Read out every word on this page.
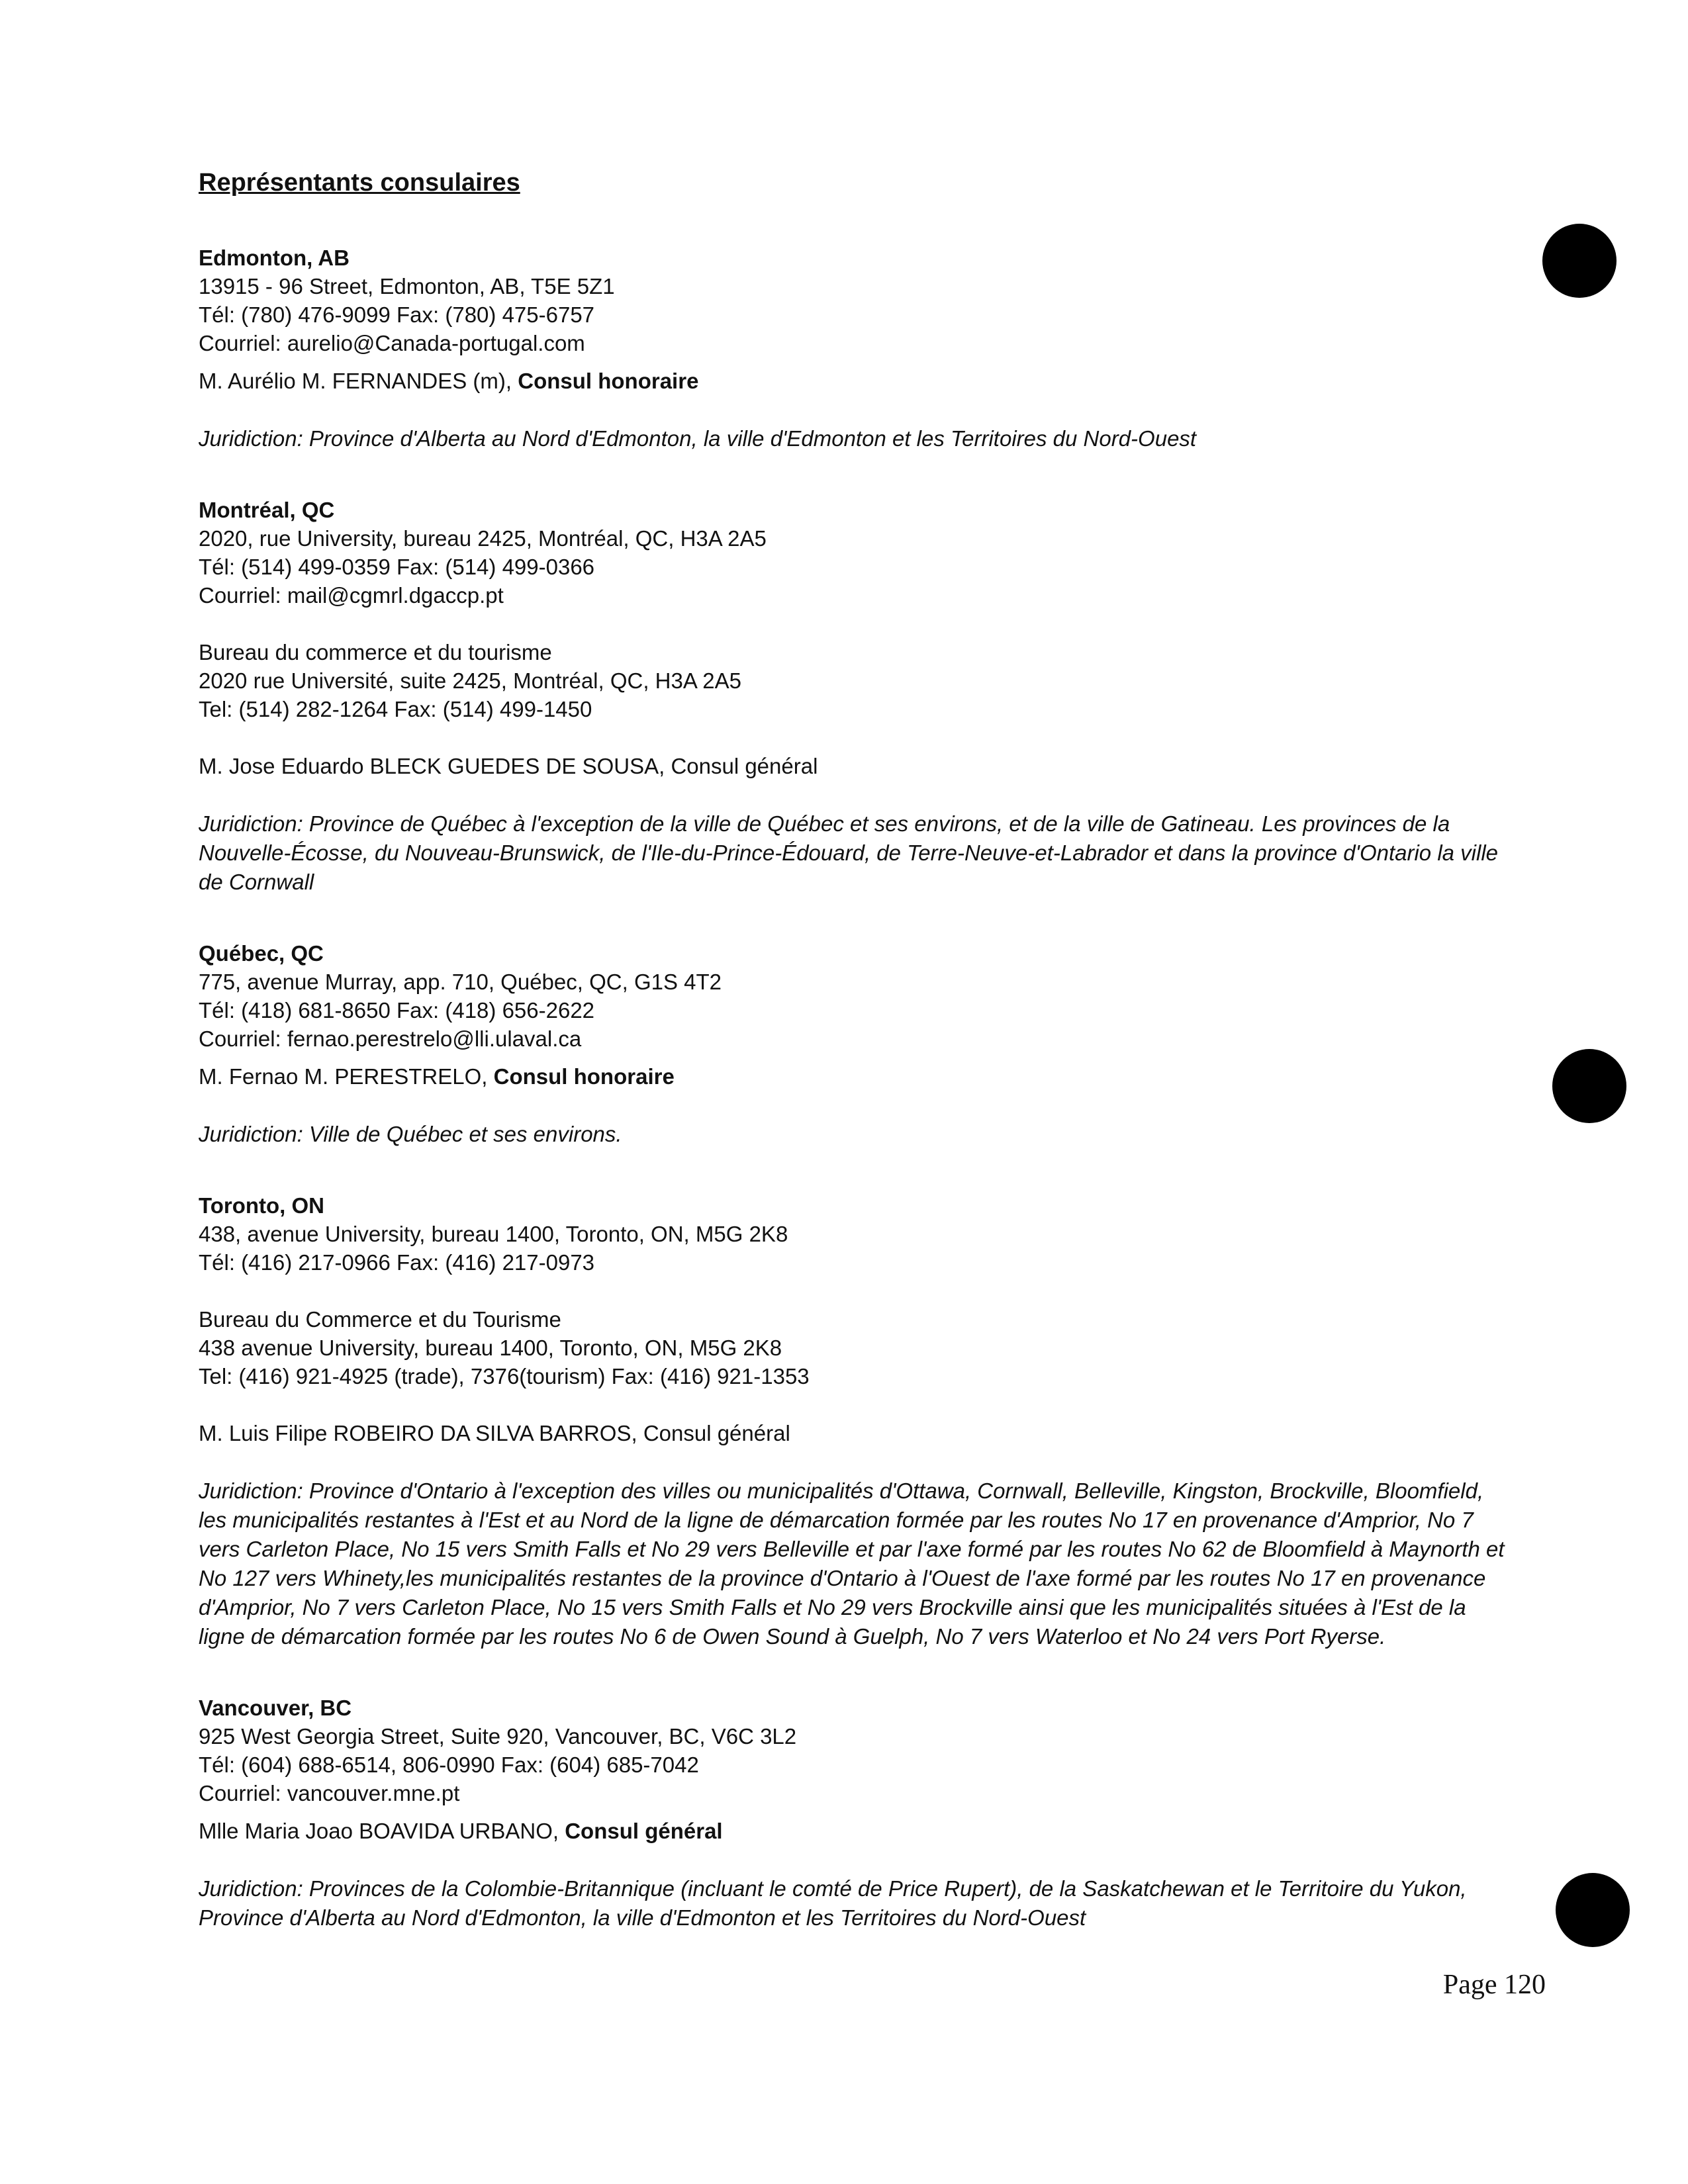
Représentants consulaires

Edmonton, AB

13915 - 96 Street, Edmonton, AB, T5E 5Z1

Tél: (780) 476-9099 Fax: (780) 475-6757

Courriel: aurelio@Canada-portugal.com

M. Aurélio M. FERNANDES (m), Consul honoraire

Juridiction: Province d'Alberta au Nord d'Edmonton, la ville d'Edmonton et les Territoires du Nord-Ouest

Montréal, QC

2020, rue University, bureau 2425, Montréal, QC, H3A 2A5

Tél: (514) 499-0359 Fax: (514) 499-0366

Courriel: mail@cgmrl.dgaccp.pt

Bureau du commerce et du tourisme

2020 rue Université, suite 2425, Montréal, QC, H3A 2A5

Tel: (514) 282-1264 Fax: (514) 499-1450

M. Jose Eduardo BLECK GUEDES DE SOUSA, Consul général

Juridiction: Province de Québec à l'exception de la ville de Québec et ses environs, et de la ville de Gatineau. Les provinces de la Nouvelle-Écosse, du Nouveau-Brunswick, de l'Ile-du-Prince-Édouard, de Terre-Neuve-et-Labrador et dans la province d'Ontario la ville de Cornwall

Québec, QC

775, avenue Murray, app. 710, Québec, QC, G1S 4T2

Tél: (418) 681-8650 Fax: (418) 656-2622

Courriel: fernao.perestrelo@lli.ulaval.ca

M. Fernao M. PERESTRELO, Consul honoraire

Juridiction: Ville de Québec et ses environs.

Toronto, ON

438, avenue University, bureau 1400, Toronto, ON, M5G 2K8

Tél: (416) 217-0966 Fax: (416) 217-0973

Bureau du Commerce et du Tourisme

438 avenue University, bureau 1400, Toronto, ON, M5G 2K8

Tel: (416) 921-4925 (trade), 7376(tourism) Fax: (416) 921-1353

M. Luis Filipe ROBEIRO DA SILVA BARROS, Consul général

Juridiction: Province d'Ontario à l'exception des villes ou municipalités d'Ottawa, Cornwall, Belleville, Kingston, Brockville, Bloomfield, les municipalités restantes à l'Est et au Nord de la ligne de démarcation formée par les routes No 17 en provenance d'Amprior, No 7 vers Carleton Place, No 15 vers Smith Falls et No 29 vers Belleville et par l'axe formé par les routes No 62 de Bloomfield à Maynorth et No 127 vers Whinety,les municipalités restantes de la province d'Ontario à l'Ouest de l'axe formé par les routes No 17 en provenance d'Amprior, No 7 vers Carleton Place, No 15 vers Smith Falls et No 29 vers Brockville ainsi que les municipalités situées à l'Est de la ligne de démarcation formée par les routes No 6 de Owen Sound à Guelph, No 7 vers Waterloo et No 24 vers Port Ryerse.

Vancouver, BC

925 West Georgia Street, Suite 920, Vancouver, BC, V6C 3L2

Tél: (604) 688-6514, 806-0990 Fax: (604) 685-7042

Courriel: vancouver.mne.pt

Mlle Maria Joao BOAVIDA URBANO, Consul général

Juridiction: Provinces de la Colombie-Britannique (incluant le comté de Price Rupert), de la Saskatchewan et le Territoire du Yukon, Province d'Alberta au Nord d'Edmonton, la ville d'Edmonton et les Territoires du Nord-Ouest

Page 120
